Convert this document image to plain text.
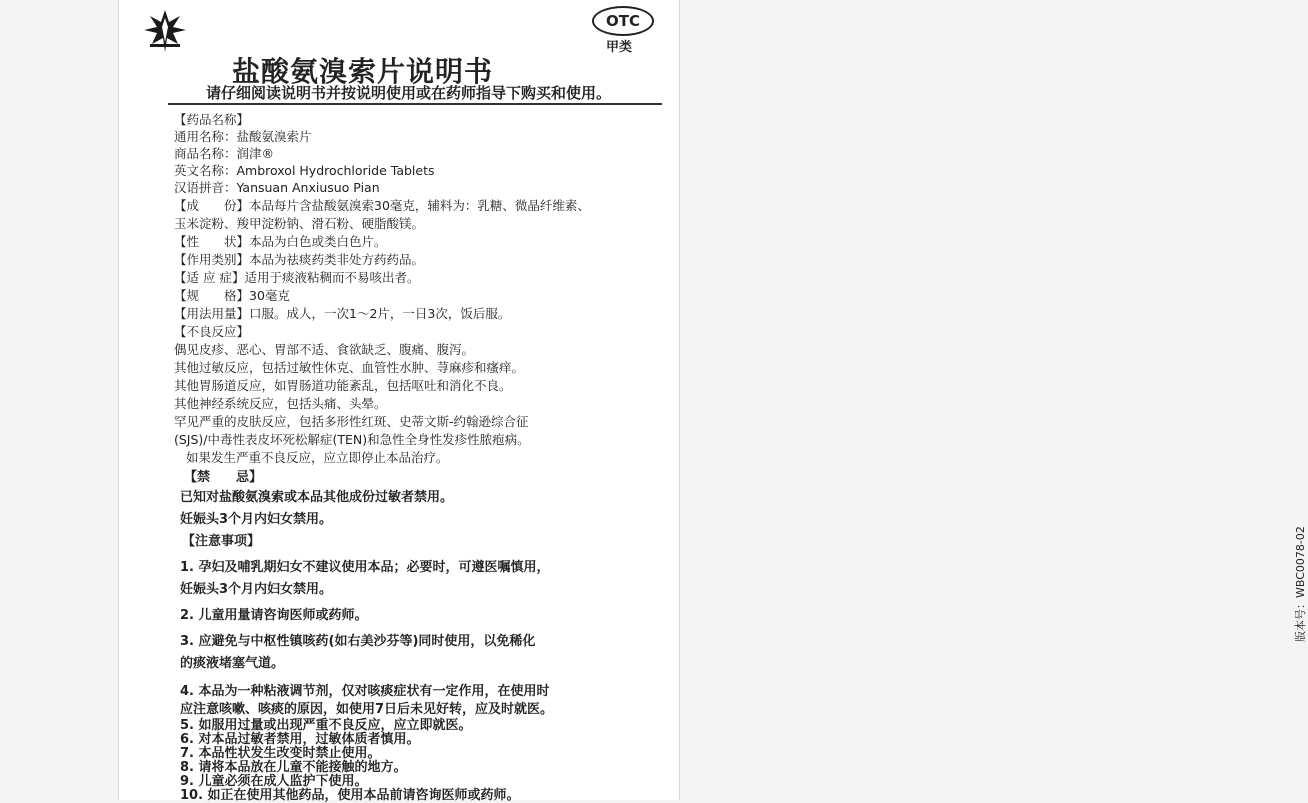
OTC
甲类
盐酸氨溴索片说明书
请仔细阅读说明书并按说明使用或在药师指导下购买和使用。
版本号：WBC0078-02
【药品名称】
通用名称：盐酸氨溴索片
商品名称：润津®
英文名称：Ambroxol Hydrochloride Tablets
汉语拼音：Yansuan Anxiusuo Pian
【成　　份】本品每片含盐酸氨溴索30毫克，辅料为：乳糖、微晶纤维素、
玉米淀粉、羧甲淀粉钠、滑石粉、硬脂酸镁。
【性　　状】本品为白色或类白色片。
【作用类别】本品为祛痰药类非处方药药品。
【适 应 症】适用于痰液粘稠而不易咳出者。
【规　　格】30毫克
【用法用量】口服。成人，一次1～2片，一日3次，饭后服。
【不良反应】
偶见皮疹、恶心、胃部不适、食欲缺乏、腹痛、腹泻。
其他过敏反应，包括过敏性休克、血管性水肿、荨麻疹和瘙痒。
其他胃肠道反应，如胃肠道功能紊乱，包括呕吐和消化不良。
其他神经系统反应，包括头痛、头晕。
罕见严重的皮肤反应，包括多形性红斑、史蒂文斯-约翰逊综合征
(SJS)/中毒性表皮坏死松解症(TEN)和急性全身性发疹性脓疱病。
如果发生严重不良反应，应立即停止本品治疗。
【禁　　忌】
已知对盐酸氨溴索或本品其他成份过敏者禁用。
妊娠头3个月内妇女禁用。
【注意事项】
1. 孕妇及哺乳期妇女不建议使用本品；必要时，可遵医嘱慎用，
妊娠头3个月内妇女禁用。
2. 儿童用量请咨询医师或药师。
3. 应避免与中枢性镇咳药(如右美沙芬等)同时使用，以免稀化
的痰液堵塞气道。
4. 本品为一种粘液调节剂，仅对咳痰症状有一定作用，在使用时
应注意咳嗽、咳痰的原因，如使用7日后未见好转，应及时就医。
5. 如服用过量或出现严重不良反应，应立即就医。
6. 对本品过敏者禁用，过敏体质者慎用。
7. 本品性状发生改变时禁止使用。
8. 请将本品放在儿童不能接触的地方。
9. 儿童必须在成人监护下使用。
10. 如正在使用其他药品，使用本品前请咨询医师或药师。
